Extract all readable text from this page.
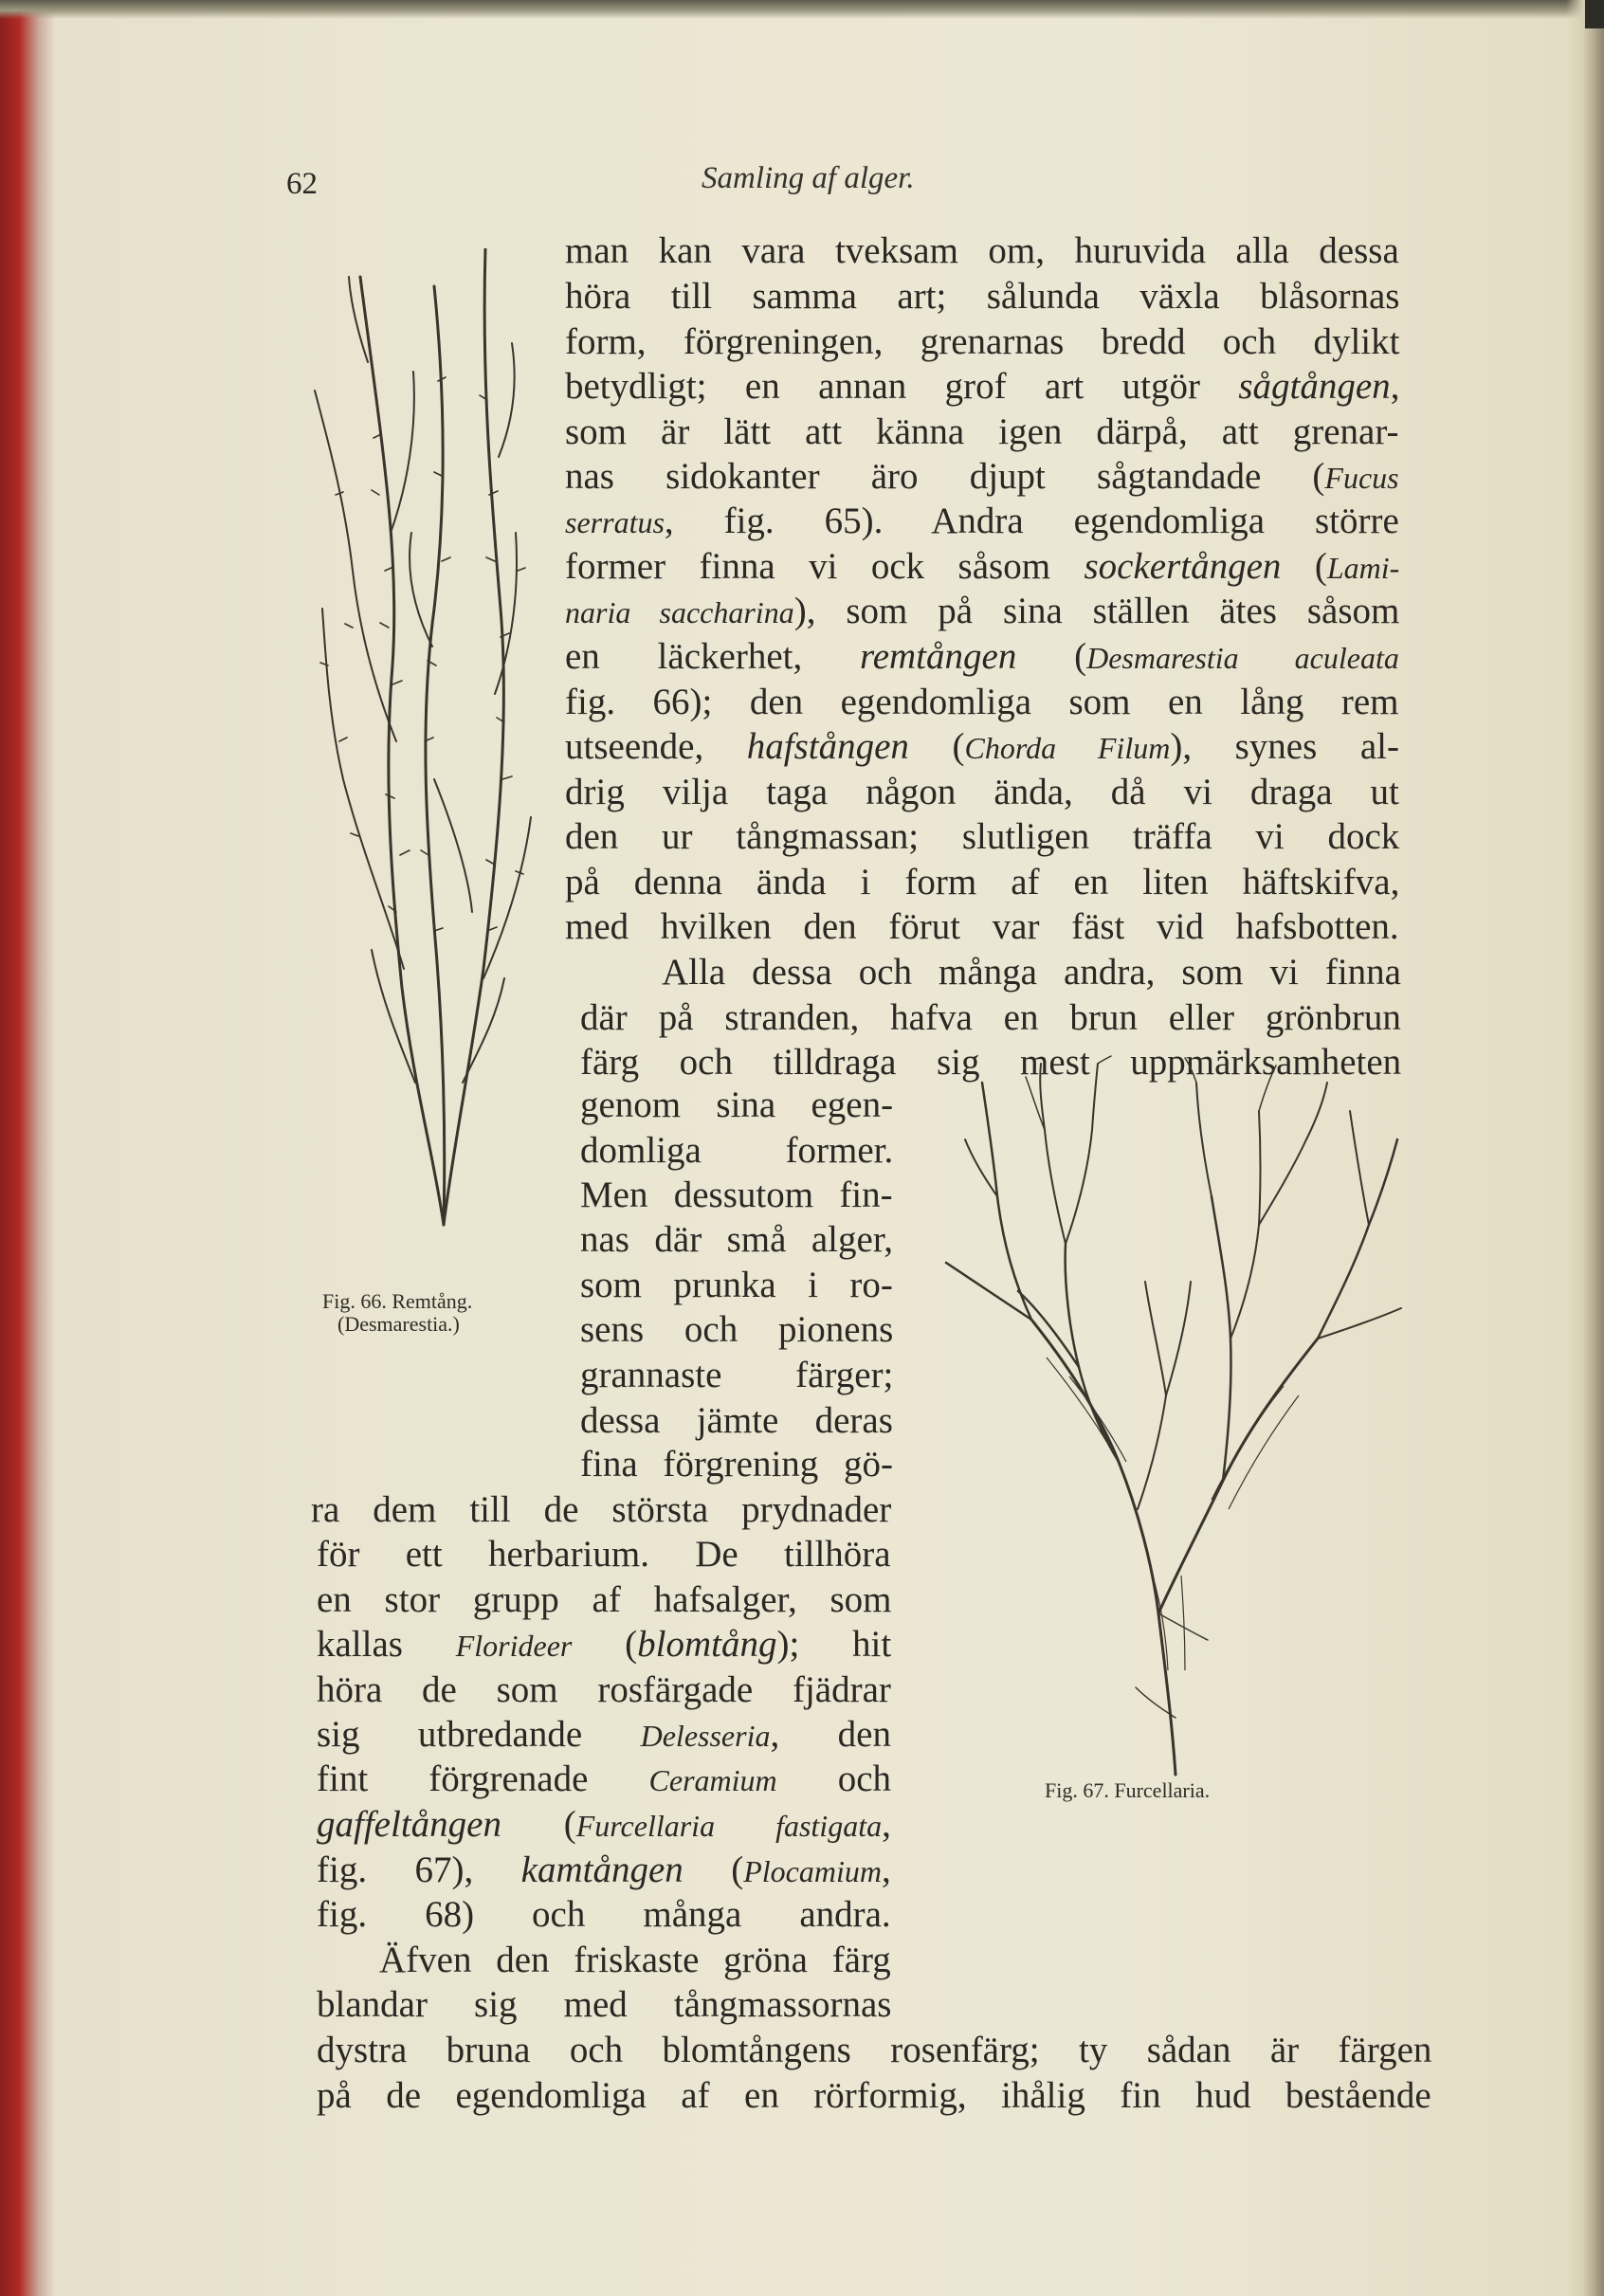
62	Samling af alger.
man kan vara tveksam om, huruvida alla dessa
höra till samma art; sålunda växla blåsornas
form, förgreningen, grenarnas bredd och dylikt
betydligt; en annan grof art utgör sågtången,
som är lätt att känna igen därpå, att grenar-
nas sidokanter äro djupt sågtandade (Fucus
serratus, fig. 65). Andra egendomliga större
former finna vi ock såsom sockertången (Lami-
naria saccharina), som på sina ställen ätes såsom
en läckerhet, remtången (Desmarestia aculeata
fig. 66); den egendomliga som en lång rem
utseende, hafstången (Chorda Filum), synes al-
drig vilja taga någon ända, då vi draga ut
den ur tångmassan; slutligen träffa vi dock
på denna ända i form af en liten häftskifva,
med hvilken den förut var fäst vid hafsbotten.
Alla dessa och många andra, som vi finna
där på stranden, hafva en brun eller grönbrun
färg och tilldraga sig mest uppmärksamheten
genom sina egen-
domliga former.
Men dessutom fin-
nas där små alger,
som prunka i ro-
sens och pionens
grannaste färger;
dessa jämte deras
fina förgrening gö-
ra dem till de största prydnader
för ett herbarium. De tillhöra
en stor grupp af hafsalger, som
kallas Florideer (blomtång); hit
höra de som rosfärgade fjädrar
sig utbredande Delesseria, den
fint förgrenade Ceramium och
gaffeltången (Furcellaria fastigata,
fig. 67), kamtången (Plocamium,
fig. 68) och många andra.
Äfven den friskaste gröna färg
blandar sig med tångmassornas
dystra bruna och blomtångens rosenfärg; ty sådan är färgen
på de egendomliga af en rörformig, ihålig fin hud bestående
Fig. 66. Remtång.
(Desmarestia.)
Fig. 67. Furcellaria.
